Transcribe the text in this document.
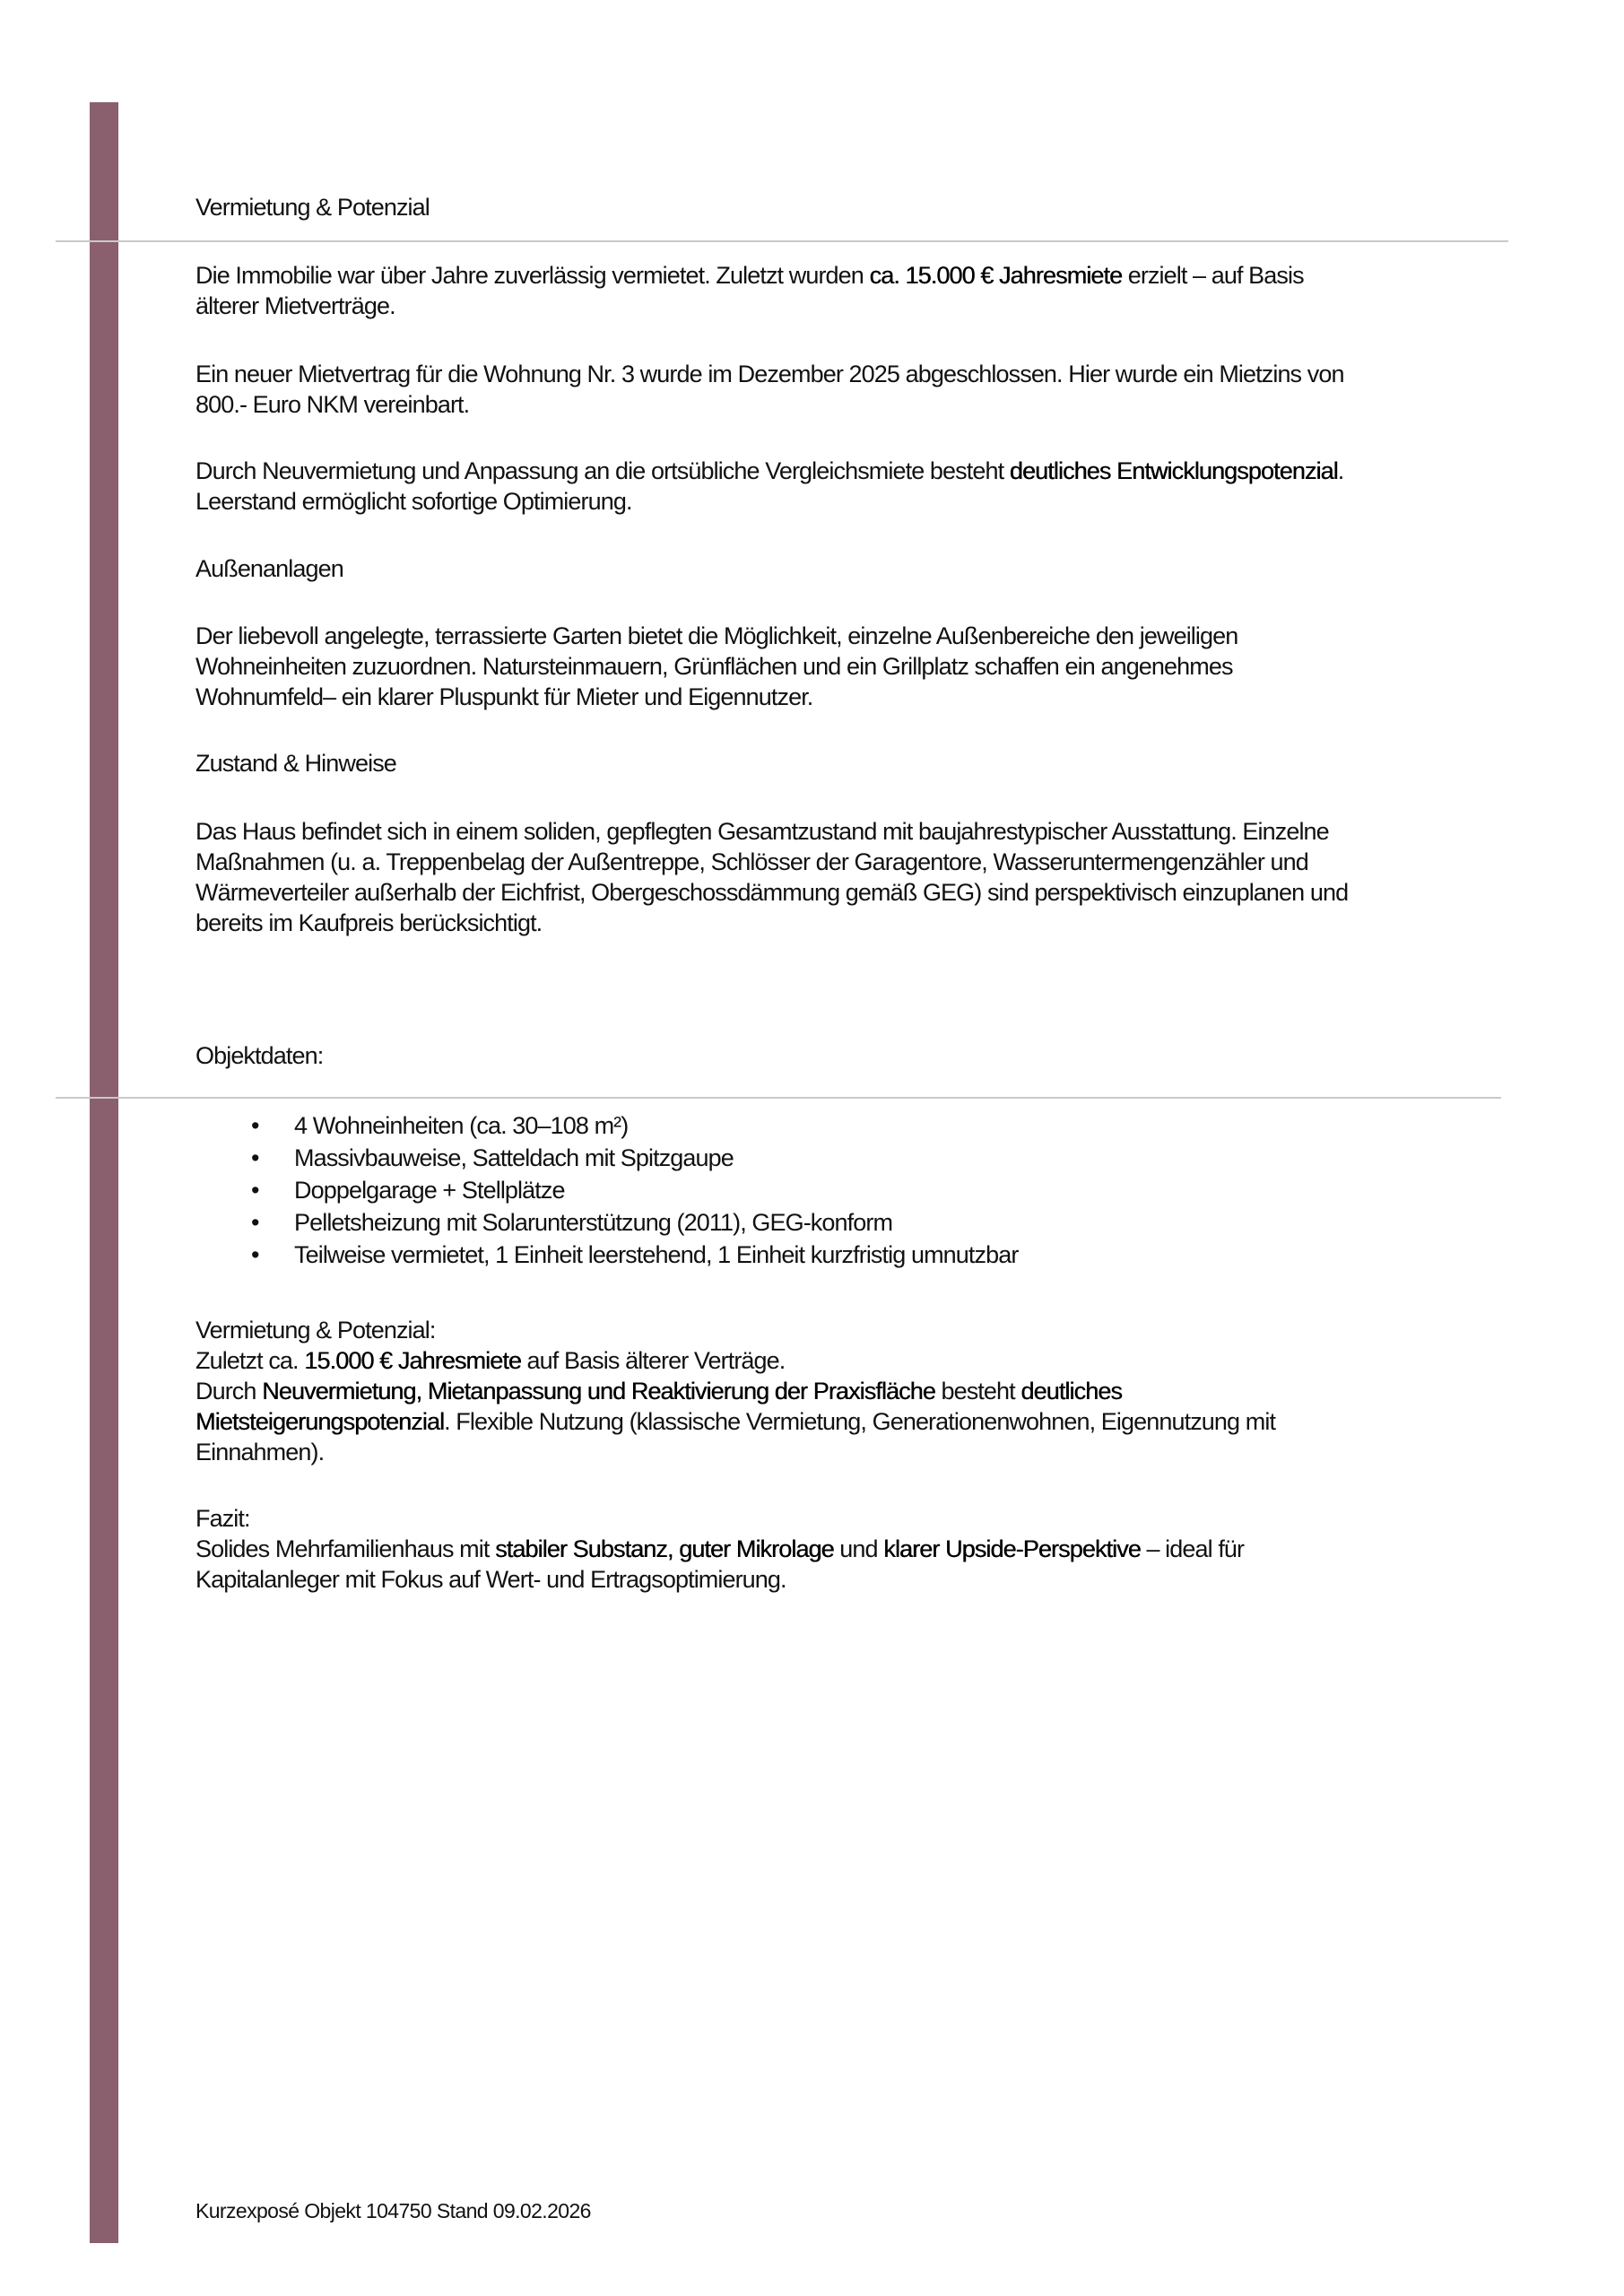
Vermietung & Potenzial

Die Immobilie war über Jahre zuverlässig vermietet. Zuletzt wurden ca. 15.000 € Jahresmiete erzielt – auf Basis

älterer Mietverträge.

Ein neuer Mietvertrag für die Wohnung Nr. 3 wurde im Dezember 2025 abgeschlossen. Hier wurde ein Mietzins von

800.- Euro NKM vereinbart.

Durch Neuvermietung und Anpassung an die ortsübliche Vergleichsmiete besteht deutliches Entwicklungspotenzial.

Leerstand ermöglicht sofortige Optimierung.

Außenanlagen

Der liebevoll angelegte, terrassierte Garten bietet die Möglichkeit, einzelne Außenbereiche den jeweiligen

Wohneinheiten zuzuordnen. Natursteinmauern, Grünflächen und ein Grillplatz schaffen ein angenehmes

Wohnumfeld– ein klarer Pluspunkt für Mieter und Eigennutzer.

Zustand & Hinweise

Das Haus befindet sich in einem soliden, gepflegten Gesamtzustand mit baujahrestypischer Ausstattung. Einzelne

Maßnahmen (u. a. Treppenbelag der Außentreppe, Schlösser der Garagentore, Wasseruntermengenzähler und

Wärmeverteiler außerhalb der Eichfrist, Obergeschossdämmung gemäß GEG) sind perspektivisch einzuplanen und

bereits im Kaufpreis berücksichtigt.

Objektdaten:
• 4 Wohneinheiten (ca. 30–108 m²)
• Massivbauweise, Satteldach mit Spitzgaupe
• Doppelgarage + Stellplätze
• Pelletsheizung mit Solarunterstützung (2011), GEG-konform
• Teilweise vermietet, 1 Einheit leerstehend, 1 Einheit kurzfristig umnutzbar

Vermietung & Potenzial:

Zuletzt ca. 15.000 € Jahresmiete auf Basis älterer Verträge.

Durch Neuvermietung, Mietanpassung und Reaktivierung der Praxisfläche besteht deutliches

Mietsteigerungspotenzial. Flexible Nutzung (klassische Vermietung, Generationenwohnen, Eigennutzung mit

Einnahmen).

Fazit:

Solides Mehrfamilienhaus mit stabiler Substanz, guter Mikrolage und klarer Upside-Perspektive – ideal für

Kapitalanleger mit Fokus auf Wert- und Ertragsoptimierung.

Kurzexposé Objekt 104750 Stand 09.02.2026
